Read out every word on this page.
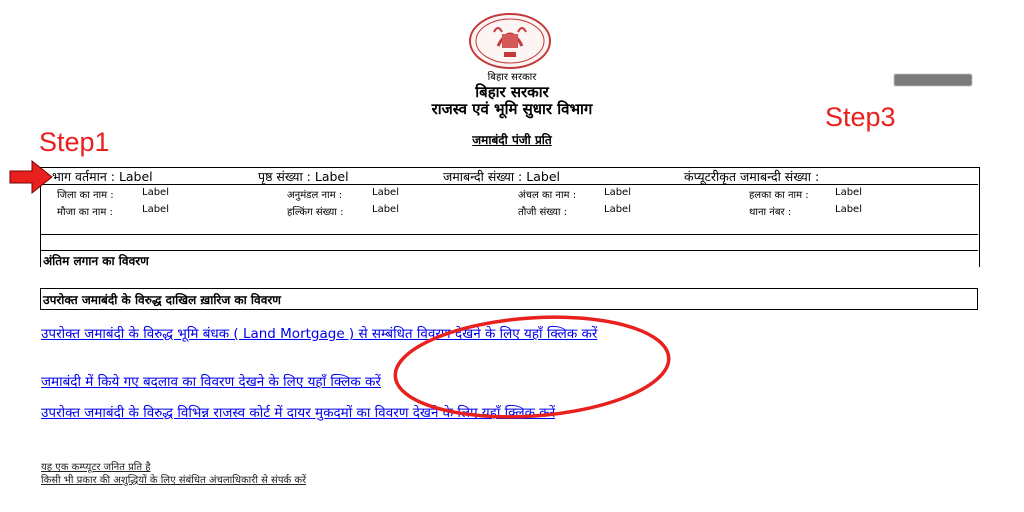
बिहार सरकार
बिहार सरकार
राजस्व एवं भूमि सुधार विभाग
जमाबंदी पंजी प्रति
Step1
Step3
भाग वर्तमान : Label	पृष्ठ संख्या : Label	जमाबन्दी संख्या : Label	कंप्यूटरीकृत जमाबन्दी संख्या :
जिला का नाम :	Label	अनुमंडल नाम :	Label	अंचल का नाम :	Label	हलका का नाम :	Label
मौजा का नाम :	Label	हल्किंग संख्या :	Label	तौजी संख्या :	Label	थाना नंबर :	Label
अंतिम लगान का विवरण
उपरोक्त जमाबंदी के विरुद्ध दाखिल ख़ारिज का विवरण
उपरोक्त जमाबंदी के विरुद्ध भूमि बंधक ( Land Mortgage ) से सम्बंधित विवरण देखने के लिए यहाँ क्लिक करें
जमाबंदी में किये गए बदलाव का विवरण देखने के लिए यहाँ क्लिक करें
उपरोक्त जमाबंदी के विरुद्ध विभिन्न राजस्व कोर्ट में दायर मुकदमों का विवरण देखने के लिए यहाँ क्लिक करें
यह एक कम्प्यूटर जनित प्रति है
किसी भी प्रकार की अशुद्धियों के लिए संबंधित अंचलाधिकारी से संपर्क करें
